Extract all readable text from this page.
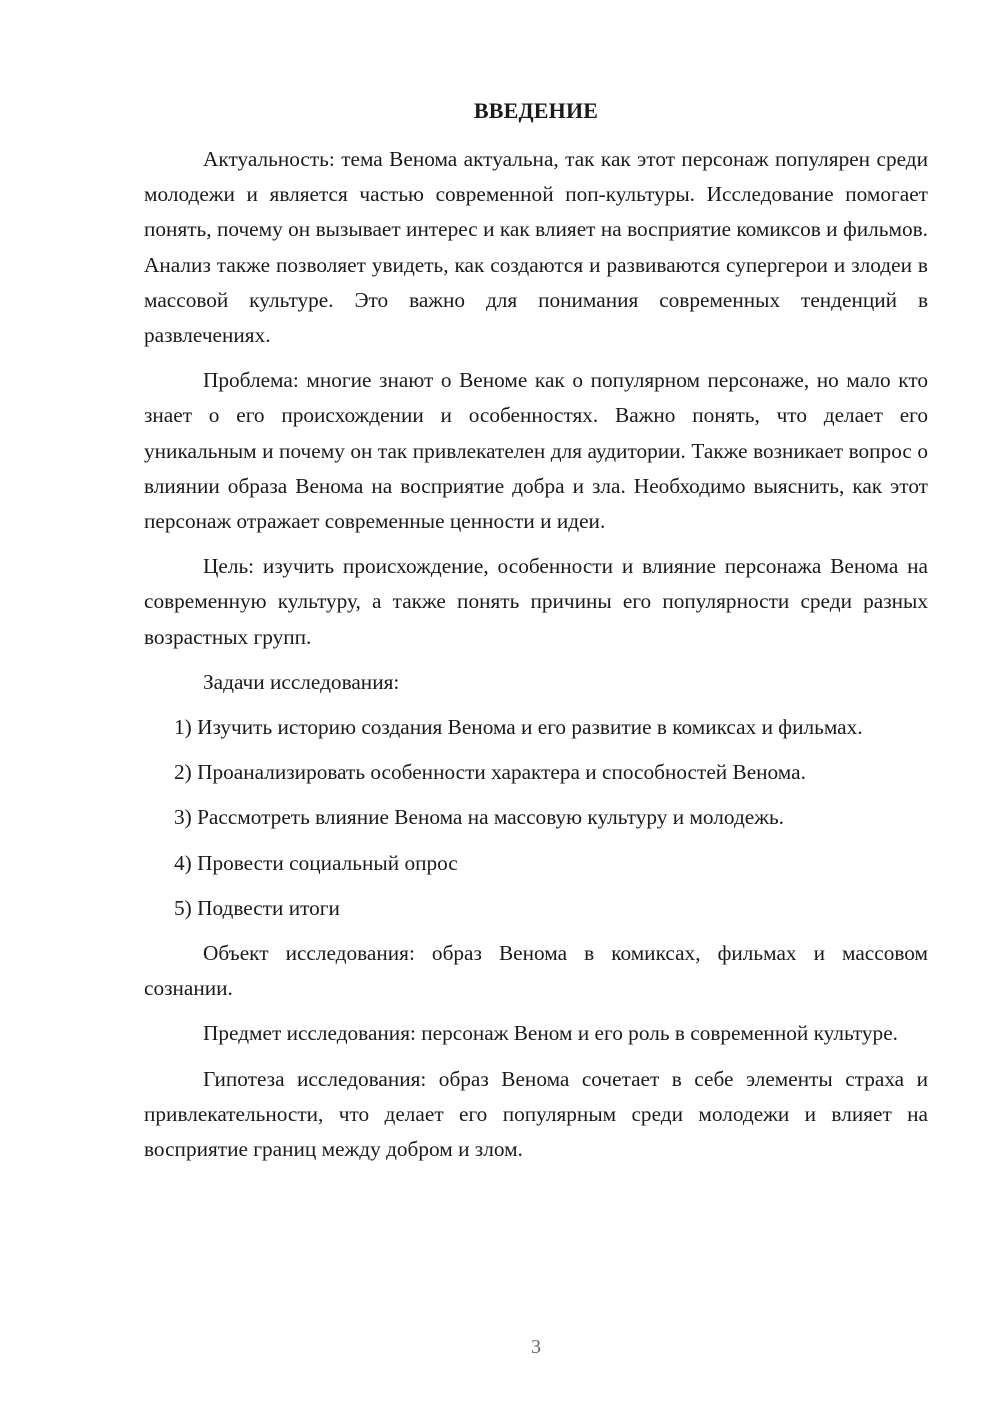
ВВЕДЕНИЕ

Актуальность: тема Венома актуальна, так как этот персонаж популярен среди молодежи и является частью современной поп-культуры. Исследование помогает понять, почему он вызывает интерес и как влияет на восприятие комиксов и фильмов. Анализ также позволяет увидеть, как создаются и развиваются супергерои и злодеи в массовой культуре. Это важно для понимания современных тенденций в развлечениях.

Проблема: многие знают о Веноме как о популярном персонаже, но мало кто знает о его происхождении и особенностях. Важно понять, что делает его уникальным и почему он так привлекателен для аудитории. Также возникает вопрос о влиянии образа Венома на восприятие добра и зла. Необходимо выяснить, как этот персонаж отражает современные ценности и идеи.

Цель: изучить происхождение, особенности и влияние персонажа Венома на современную культуру, а также понять причины его популярности среди разных возрастных групп.

Задачи исследования:

1) Изучить историю создания Венома и его развитие в комиксах и фильмах.

2) Проанализировать особенности характера и способностей Венома.

3) Рассмотреть влияние Венома на массовую культуру и молодежь.

4) Провести социальный опрос

5) Подвести итоги

Объект исследования: образ Венома в комиксах, фильмах и массовом сознании.

Предмет исследования: персонаж Веном и его роль в современной культуре.

Гипотеза исследования: образ Венома сочетает в себе элементы страха и привлекательности, что делает его популярным среди молодежи и влияет на восприятие границ между добром и злом.

3
